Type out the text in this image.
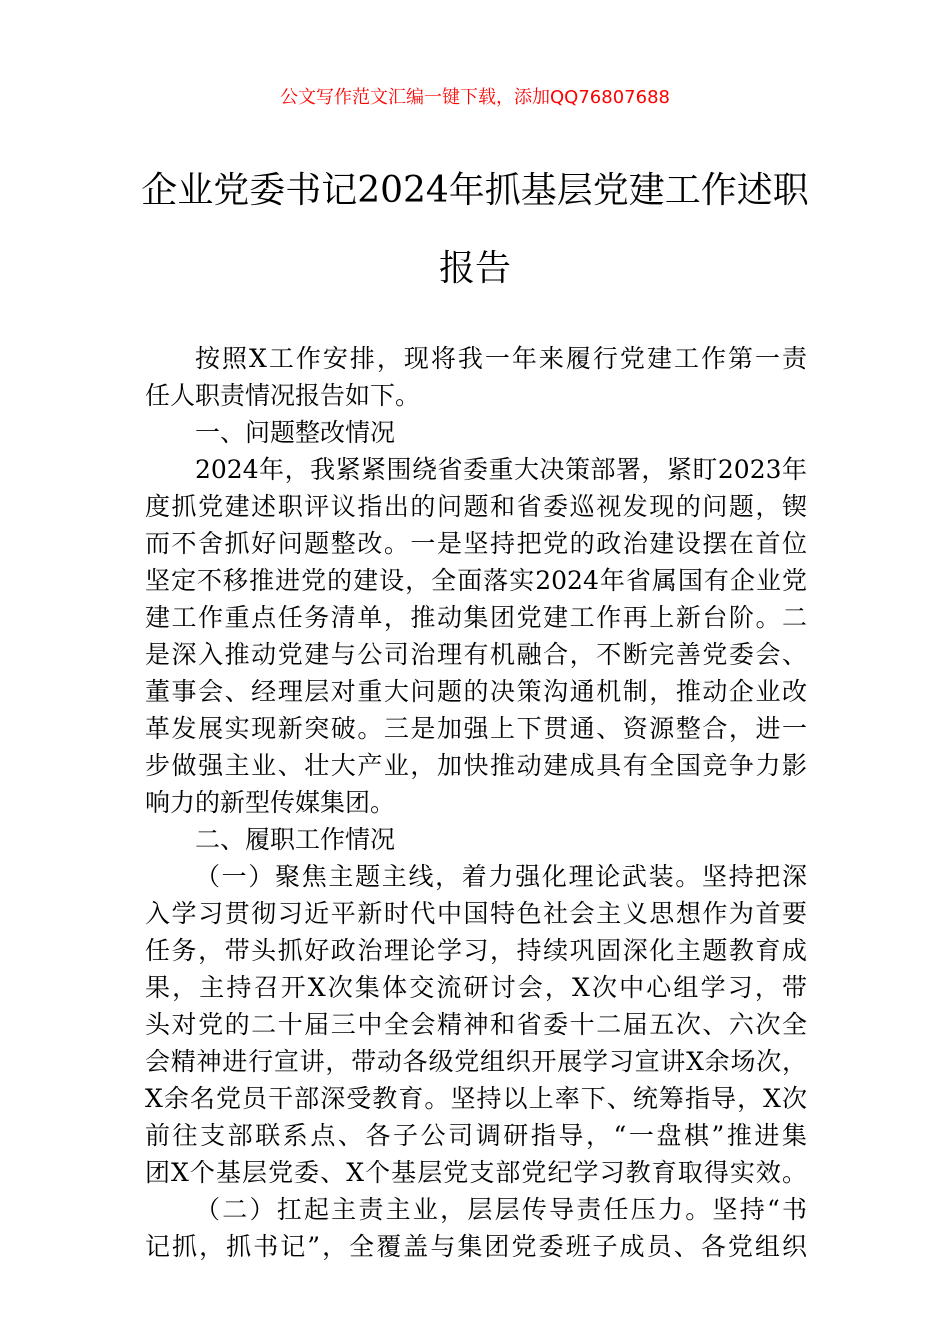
公文写作范文汇编一键下载，添加QQ76807688
企业党委书记2024年抓基层党建工作述职
报告
按照X工作安排，现将我一年来履行党建工作第一责
任人职责情况报告如下。
一、问题整改情况
2024年，我紧紧围绕省委重大决策部署，紧盯2023年
度抓党建述职评议指出的问题和省委巡视发现的问题，锲
而不舍抓好问题整改。一是坚持把党的政治建设摆在首位
坚定不移推进党的建设，全面落实2024年省属国有企业党
建工作重点任务清单，推动集团党建工作再上新台阶。二
是深入推动党建与公司治理有机融合，不断完善党委会、
董事会、经理层对重大问题的决策沟通机制，推动企业改
革发展实现新突破。三是加强上下贯通、资源整合，进一
步做强主业、壮大产业，加快推动建成具有全国竞争力影
响力的新型传媒集团。
二、履职工作情况
（一）聚焦主题主线，着力强化理论武装。坚持把深
入学习贯彻习近平新时代中国特色社会主义思想作为首要
任务，带头抓好政治理论学习，持续巩固深化主题教育成
果，主持召开X次集体交流研讨会，X次中心组学习，带
头对党的二十届三中全会精神和省委十二届五次、六次全
会精神进行宣讲，带动各级党组织开展学习宣讲X余场次，
X余名党员干部深受教育。坚持以上率下、统筹指导，X次
前往支部联系点、各子公司调研指导，“一盘棋”推进集
团X个基层党委、X个基层党支部党纪学习教育取得实效。
（二）扛起主责主业，层层传导责任压力。坚持“书
记抓，抓书记”，全覆盖与集团党委班子成员、各党组织
